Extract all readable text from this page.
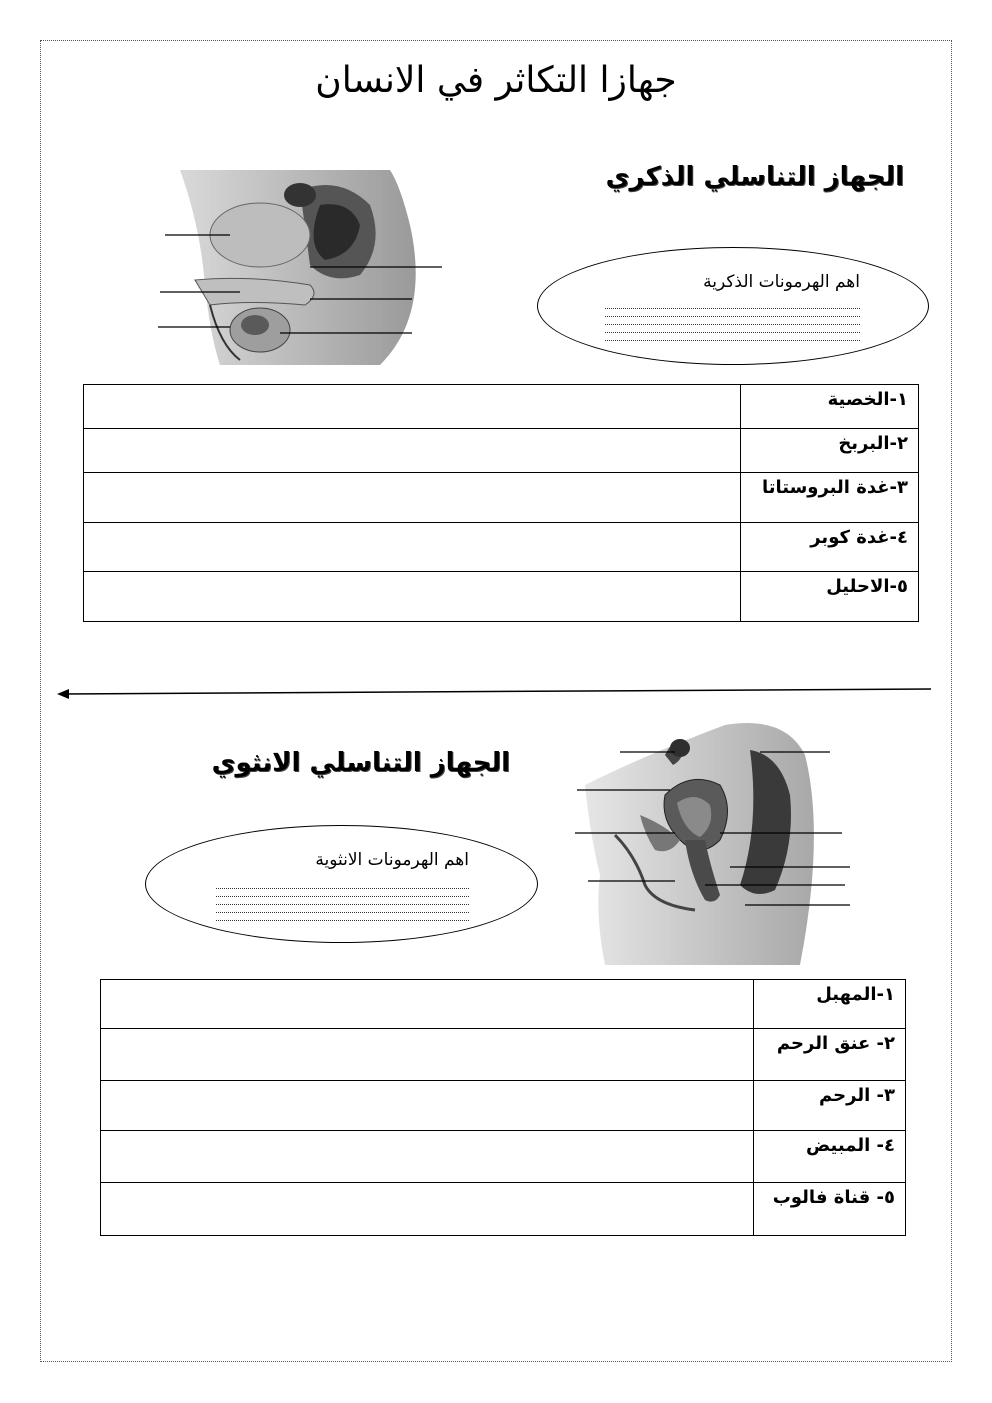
جهازا التكاثر في الانسان
الجهاز التناسلي الذكري
اهم الهرمونات الذكرية
١-الخصية	
٢-البربخ	
٣-غدة البروستاتا	
٤-غدة كوبر	
٥-الاحليل	
الجهاز التناسلي الانثوي
اهم الهرمونات الانثوية
١-المهبل	
٢- عنق الرحم	
٣- الرحم	
٤- المبيض	
٥- قناة فالوب	
